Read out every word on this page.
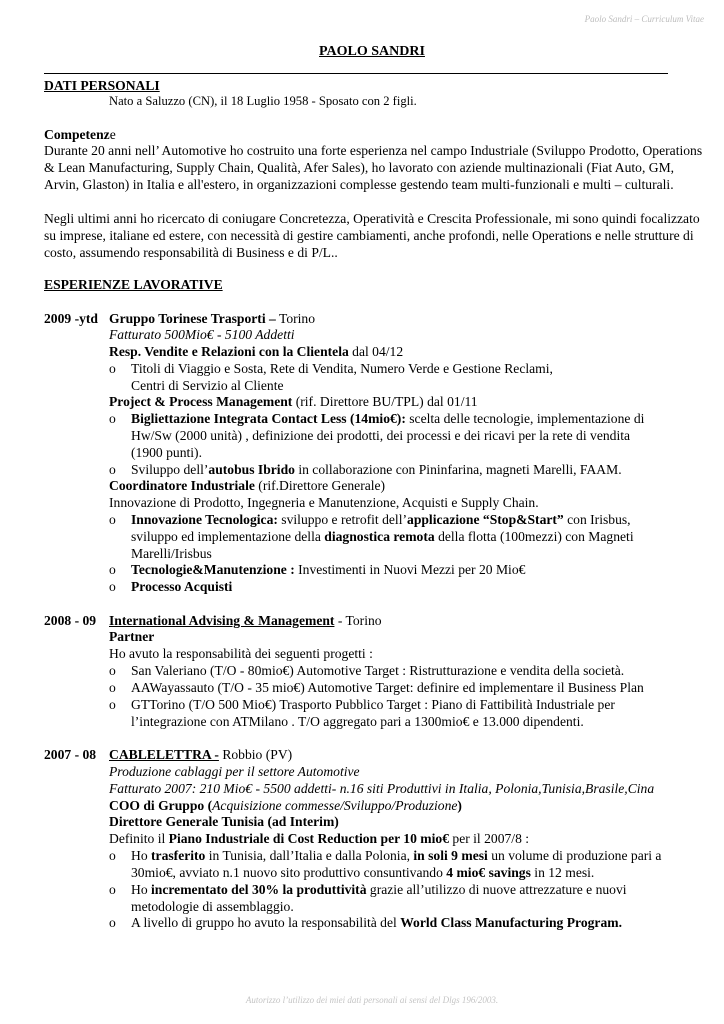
Paolo Sandri – Curriculum Vitae
PAOLO SANDRI
DATI PERSONALI
Nato a Saluzzo (CN), il 18 Luglio 1958 - Sposato con 2 figli.
Competenze
Durante 20 anni nell’ Automotive ho costruito una forte esperienza nel campo Industriale (Sviluppo Prodotto, Operations & Lean Manufacturing, Supply Chain, Qualità, Afer Sales), ho lavorato con aziende multinazionali (Fiat Auto, GM, Arvin, Glaston) in Italia e all'estero, in organizzazioni complesse gestendo team multi-funzionali e multi – culturali.
Negli ultimi anni ho ricercato di coniugare Concretezza, Operatività e Crescita Professionale, mi sono quindi focalizzato su imprese, italiane ed estere, con necessità di gestire cambiamenti, anche profondi, nelle Operations e nelle strutture di costo, assumendo responsabilità di Business e di P/L..
ESPERIENZE LAVORATIVE
2009 -ytd Gruppo Torinese Trasporti – Torino
Fatturato 500Mio€ - 5100 Addetti
Resp. Vendite e Relazioni con la Clientela dal 04/12
o Titoli di Viaggio e Sosta, Rete di Vendita, Numero Verde e Gestione Reclami,
Centri di Servizio al Cliente
Project & Process Management (rif. Direttore BU/TPL) dal 01/11
o Bigliettazione Integrata Contact Less (14mio€): scelta delle tecnologie, implementazione di
Hw/Sw (2000 unità) , definizione dei prodotti, dei processi e dei ricavi per la rete di vendita
(1900 punti).
o Sviluppo dell’autobus Ibrido in collaborazione con Pininfarina, magneti Marelli, FAAM.
Coordinatore Industriale (rif.Direttore Generale)
Innovazione di Prodotto, Ingegneria e Manutenzione, Acquisti e Supply Chain.
o Innovazione Tecnologica: sviluppo e retrofit dell’applicazione “Stop&Start” con Irisbus,
sviluppo ed implementazione della diagnostica remota della flotta (100mezzi) con Magneti
Marelli/Irisbus
o Tecnologie&Manutenzione : Investimenti in Nuovi Mezzi per 20 Mio€
o Processo Acquisti
2008 - 09 International Advising & Management - Torino
Partner
Ho avuto la responsabilità dei seguenti progetti :
o San Valeriano (T/O - 80mio€) Automotive Target : Ristrutturazione e vendita della società.
o AAWayassauto (T/O - 35 mio€) Automotive Target: definire ed implementare il Business Plan
o GTTorino (T/O 500 Mio€) Trasporto Pubblico Target : Piano di Fattibilità Industriale per
l’integrazione con ATMilano . T/O aggregato pari a 1300mio€ e 13.000 dipendenti.
2007 - 08 CABLELETTRA - Robbio (PV)
Produzione cablaggi per il settore Automotive
Fatturato 2007: 210 Mio€ - 5500 addetti- n.16 siti Produttivi in Italia, Polonia,Tunisia,Brasile,Cina
COO di Gruppo (Acquisizione commesse/Sviluppo/Produzione)
Direttore Generale Tunisia (ad Interim)
Definito il Piano Industriale di Cost Reduction per 10 mio€ per il 2007/8 :
o Ho trasferito in Tunisia, dall’Italia e dalla Polonia, in soli 9 mesi un volume di produzione pari a
30mio€, avviato n.1 nuovo sito produttivo consuntivando 4 mio€ savings in 12 mesi.
o Ho incrementato del 30% la produttività grazie all’utilizzo di nuove attrezzature e nuovi
metodologie di assemblaggio.
o A livello di gruppo ho avuto la responsabilità del World Class Manufacturing Program.
Autorizzo l’utilizzo dei miei dati personali ai sensi del Dlgs 196/2003.
